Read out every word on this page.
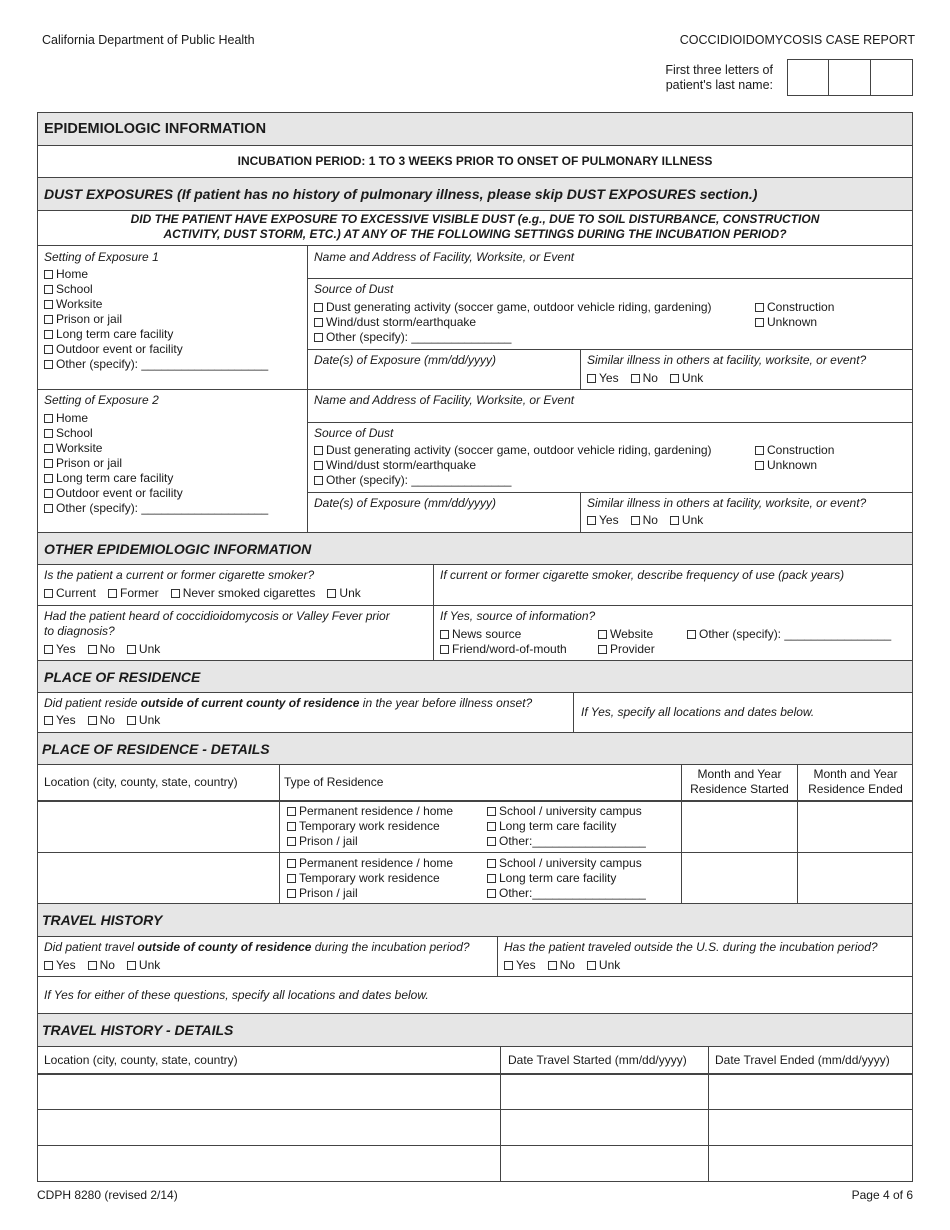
California Department of Public Health	COCCIDIOIDOMYCOSIS CASE REPORT
First three letters of
patient's last name:
EPIDEMIOLOGIC INFORMATION
INCUBATION PERIOD: 1 TO 3 WEEKS PRIOR TO ONSET OF PULMONARY ILLNESS
DUST EXPOSURES (If patient has no history of pulmonary illness, please skip DUST EXPOSURES section.)
DID THE PATIENT HAVE EXPOSURE TO EXCESSIVE VISIBLE DUST (e.g., DUE TO SOIL DISTURBANCE, CONSTRUCTION
ACTIVITY, DUST STORM, ETC.) AT ANY OF THE FOLLOWING SETTINGS DURING THE INCUBATION PERIOD?
Setting of Exposure 1
Home
School
Worksite
Prison or jail
Long term care facility
Outdoor event or facility
Other (specify): ___________________
Name and Address of Facility, Worksite, or Event
Source of Dust
Dust generating activity (soccer game, outdoor vehicle riding, gardening)
Wind/dust storm/earthquake
Other (specify): _______________
Construction
Unknown
Date(s) of Exposure (mm/dd/yyyy)	Similar illness in others at facility, worksite, or event?
Yes No Unk
Setting of Exposure 2
Home
School
Worksite
Prison or jail
Long term care facility
Outdoor event or facility
Other (specify): ___________________
Name and Address of Facility, Worksite, or Event
Source of Dust
Dust generating activity (soccer game, outdoor vehicle riding, gardening)
Wind/dust storm/earthquake
Other (specify): _______________
Construction
Unknown
Date(s) of Exposure (mm/dd/yyyy)	Similar illness in others at facility, worksite, or event?
Yes No Unk
OTHER EPIDEMIOLOGIC INFORMATION
Is the patient a current or former cigarette smoker?
Current Former Never smoked cigarettes Unk
If current or former cigarette smoker, describe frequency of use (pack years)
Had the patient heard of coccidioidomycosis or Valley Fever prior
to diagnosis?
Yes No Unk
If Yes, source of information?
News source
Friend/word-of-mouth
Website
Provider
Other (specify): ________________
PLACE OF RESIDENCE
Did patient reside outside of current county of residence in the year before illness onset?
Yes No Unk
If Yes, specify all locations and dates below.
PLACE OF RESIDENCE - DETAILS
Location (city, county, state, country)	Type of Residence
Month and Year
Residence Started
Month and Year
Residence Ended
Permanent residence / home
Temporary work residence
Prison / jail
School / university campus
Long term care facility
Other:_________________
Permanent residence / home
Temporary work residence
Prison / jail
School / university campus
Long term care facility
Other:_________________
TRAVEL HISTORY
Did patient travel outside of county of residence during the incubation period?
Yes No Unk
Has the patient traveled outside the U.S. during the incubation period?
Yes No Unk
If Yes for either of these questions, specify all locations and dates below.
TRAVEL HISTORY - DETAILS
Location (city, county, state, country)	Date Travel Started (mm/dd/yyyy) Date Travel Ended (mm/dd/yyyy)
CDPH 8280 (revised 2/14)	Page 4 of 6
